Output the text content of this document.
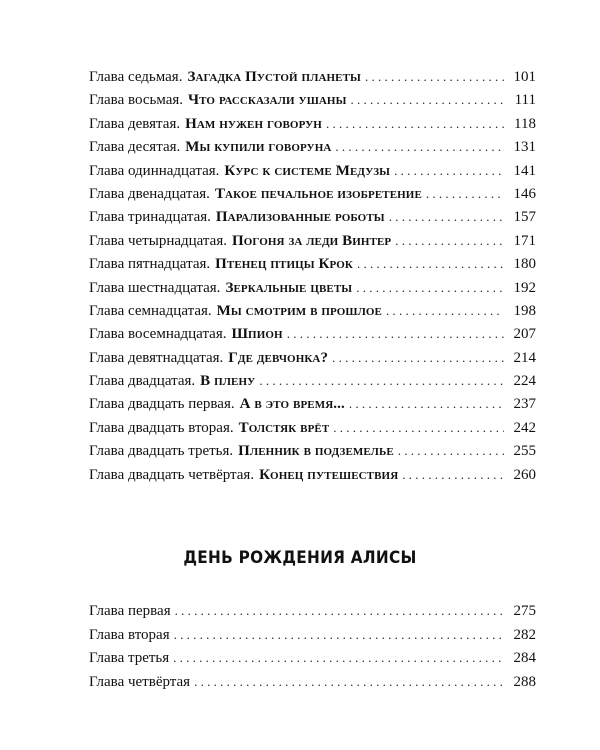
Глава седьмая. Загадка Пустой планеты . . .	101
Глава восьмая. Что рассказали ушаны . . .	111
Глава девятая. Нам нужен говорун . . .	118
Глава десятая. Мы купили говоруна . . .	131
Глава одиннадцатая. Курс к системе Медузы . . .	141
Глава двенадцатая. Такое печальное изобретение . . .	146
Глава тринадцатая. Парализованные роботы . . .	157
Глава четырнадцатая. Погоня за леди Винтер . . .	171
Глава пятнадцатая. Птенец птицы Крок . . .	180
Глава шестнадцатая. Зеркальные цветы . . .	192
Глава семнадцатая. Мы смотрим в прошлое . . .	198
Глава восемнадцатая. Шпион . . .	207
Глава девятнадцатая. Где девчонка? . . .	214
Глава двадцатая. В плену . . .	224
Глава двадцать первая. А в это время... . . .	237
Глава двадцать вторая. Толстяк врёт . . .	242
Глава двадцать третья. Пленник в подземелье . . .	255
Глава двадцать четвёртая. Конец путешествия . . .	260
ДЕНЬ РОЖДЕНИЯ АЛИСЫ
Глава первая . . .	275
Глава вторая . . .	282
Глава третья . . .	284
Глава четвёртая . . .	288
